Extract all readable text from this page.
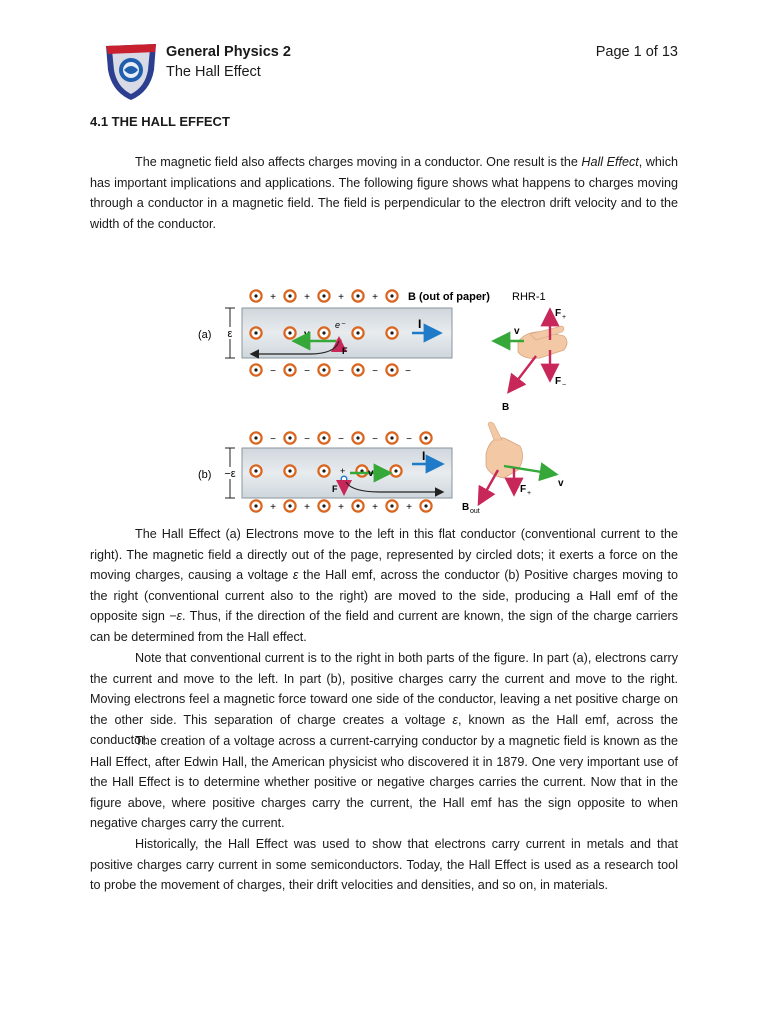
General Physics 2
The Hall Effect
Page 1 of 13
4.1 THE HALL EFFECT

The magnetic field also affects charges moving in a conductor. One result is the Hall Effect, which has important implications and applications. The following figure shows what happens to charges moving through a conductor in a magnetic field. The field is perpendicular to the electron drift velocity and to the width of the conductor.

+	+	+	+	B (out of paper)
v
e⁻
F
I
−	−	−	−	−
ε
(a)
RHR-1
F +
v
F −
B
−	−	−	−	−
+ v
F
I
+	+	+	+	+
−ε
(b)
v
F +
B out

The Hall Effect (a) Electrons move to the left in this flat conductor (conventional current to the right). The magnetic field a directly out of the page, represented by circled dots; it exerts a force on the moving charges, causing a voltage ε the Hall emf, across the conductor (b) Positive charges moving to the right (conventional current also to the right) are moved to the side, producing a Hall emf of the opposite sign −ε. Thus, if the direction of the field and current are known, the sign of the charge carriers can be determined from the Hall effect.

Note that conventional current is to the right in both parts of the figure. In part (a), electrons carry the current and move to the left. In part (b), positive charges carry the current and move to the right. Moving electrons feel a magnetic force toward one side of the conductor, leaving a net positive charge on the other side. This separation of charge creates a voltage ε, known as the Hall emf, across the conductor.

The creation of a voltage across a current-carrying conductor by a magnetic field is known as the Hall Effect, after Edwin Hall, the American physicist who discovered it in 1879. One very important use of the Hall Effect is to determine whether positive or negative charges carries the current. Now that in the figure above, where positive charges carry the current, the Hall emf has the sign opposite to when negative charges carry the current.

Historically, the Hall Effect was used to show that electrons carry current in metals and that positive charges carry current in some semiconductors. Today, the Hall Effect is used as a research tool to probe the movement of charges, their drift velocities and densities, and so on, in materials.
